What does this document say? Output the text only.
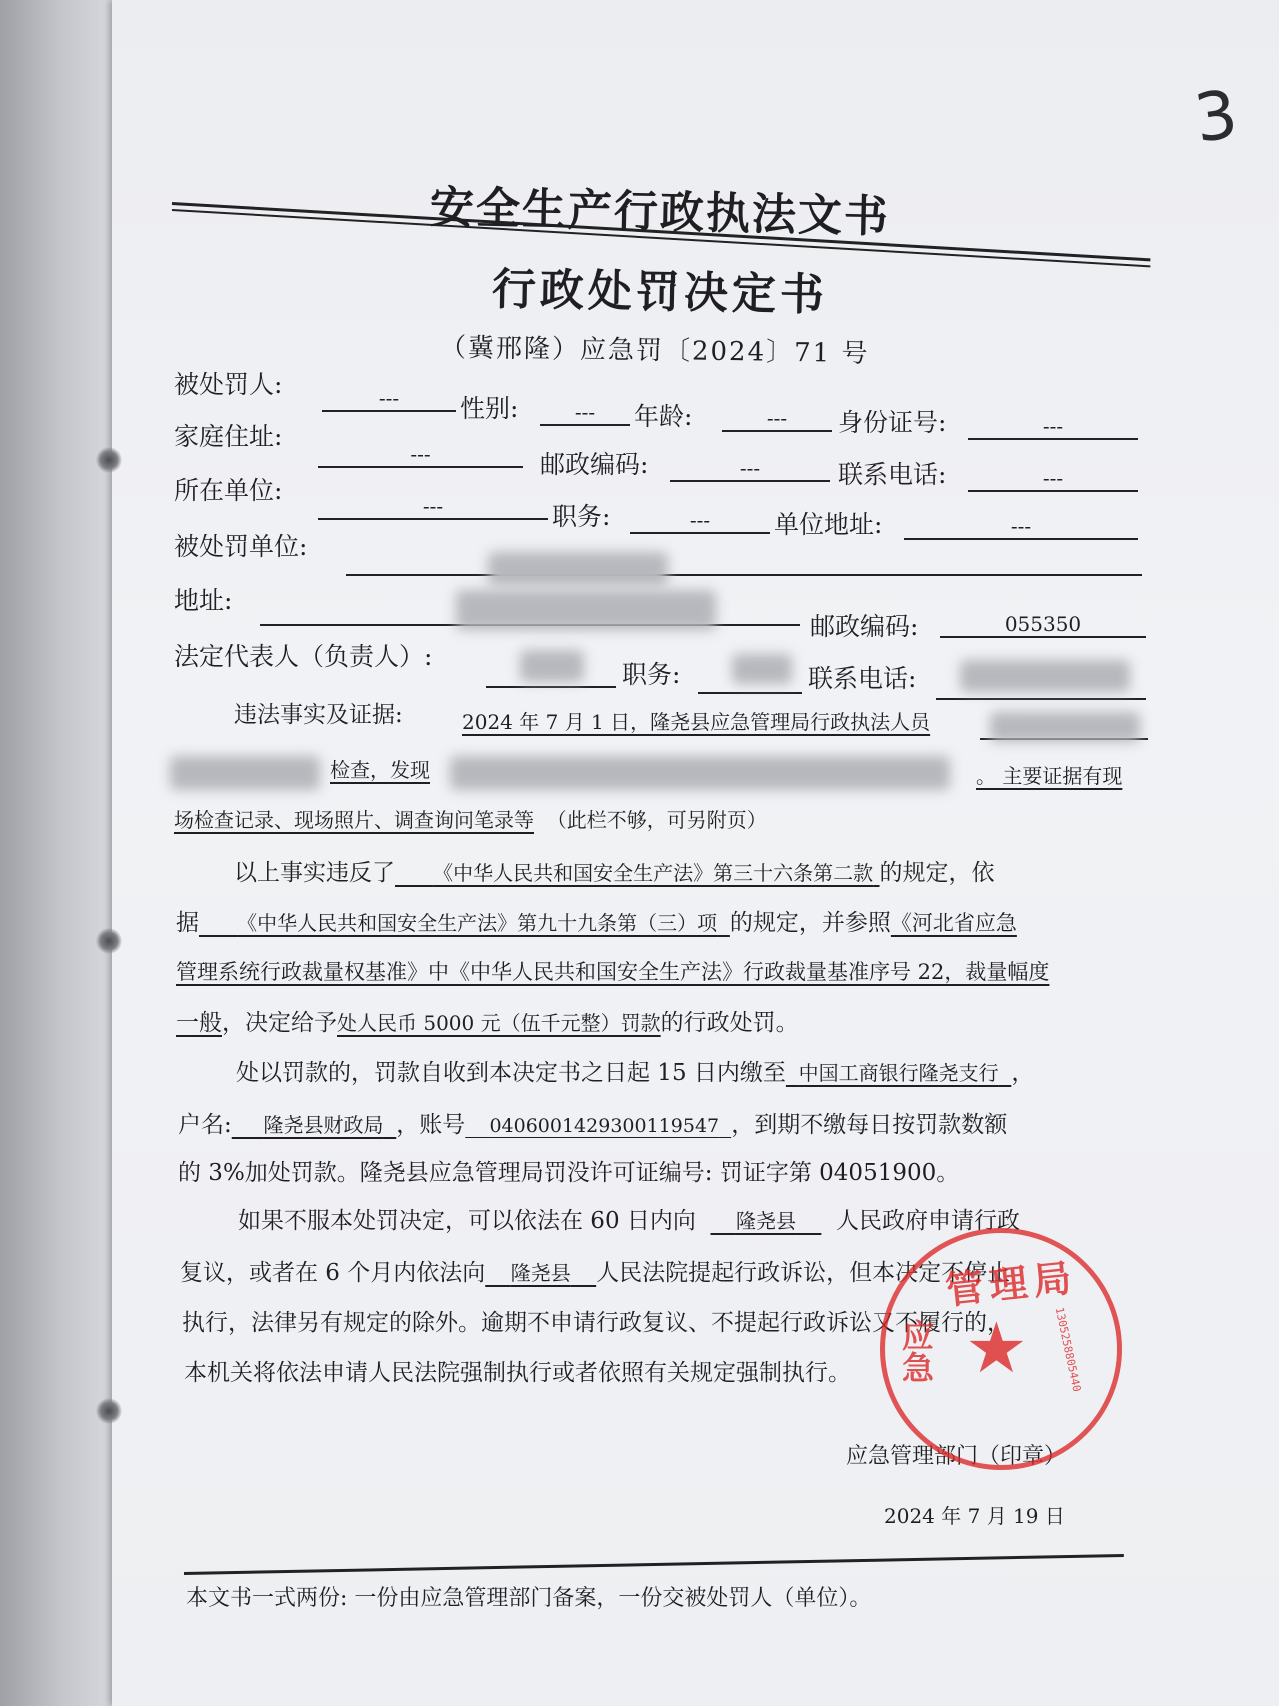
3
安全生产行政执法文书
行政处罚决定书
（冀邢隆）应急罚〔2024〕71 号
被处罚人:	---	性别:	---	年龄:	---	身份证号:	---
家庭住址:
---	邮政编码:	---	联系电话:	---
所在单位:
---	职务:	---	单位地址:	---
被处罚单位:
地址:
邮政编码:	055350
法定代表人（负责人）:
职务:	联系电话:
违法事实及证据:	2024 年 7 月 1 日，隆尧县应急管理局行政执法人员
检查，发现	。 主要证据有现
场检查记录、现场照片、调查询问笔录等 （此栏不够，可另附页）
以上事实违反了 《中华人民共和国安全生产法》第三十六条第二款 的规定，依
据 《中华人民共和国安全生产法》第九十九条第（三）项 的规定，并参照《河北省应急
管理系统行政裁量权基准》中《中华人民共和国安全生产法》行政裁量基准序号 22，裁量幅度
一般，决定给予处人民币 5000 元（伍千元整）罚款的行政处罚。
处以罚款的，罚款自收到本决定书之日起 15 日内缴至 中国工商银行隆尧支行 ，
户名: 隆尧县财政局 ，账号 0406001429300119547 ，到期不缴每日按罚款数额
的 3%加处罚款。隆尧县应急管理局罚没许可证编号: 罚证字第 04051900。
如果不服本处罚决定，可以依法在 60 日内向 隆尧县 人民政府申请行政
复议，或者在 6 个月内依法向 隆尧县 人民法院提起行政诉讼，但本决定不停止
执行，法律另有规定的除外。逾期不申请行政复议、不提起行政诉讼又不履行的，
本机关将依法申请人民法院强制执行或者依照有关规定强制执行。
应急管理部门（印章）
2024 年 7 月 19 日
管理局
应急 ★ 1305258805440
本文书一式两份: 一份由应急管理部门备案，一份交被处罚人（单位）。
